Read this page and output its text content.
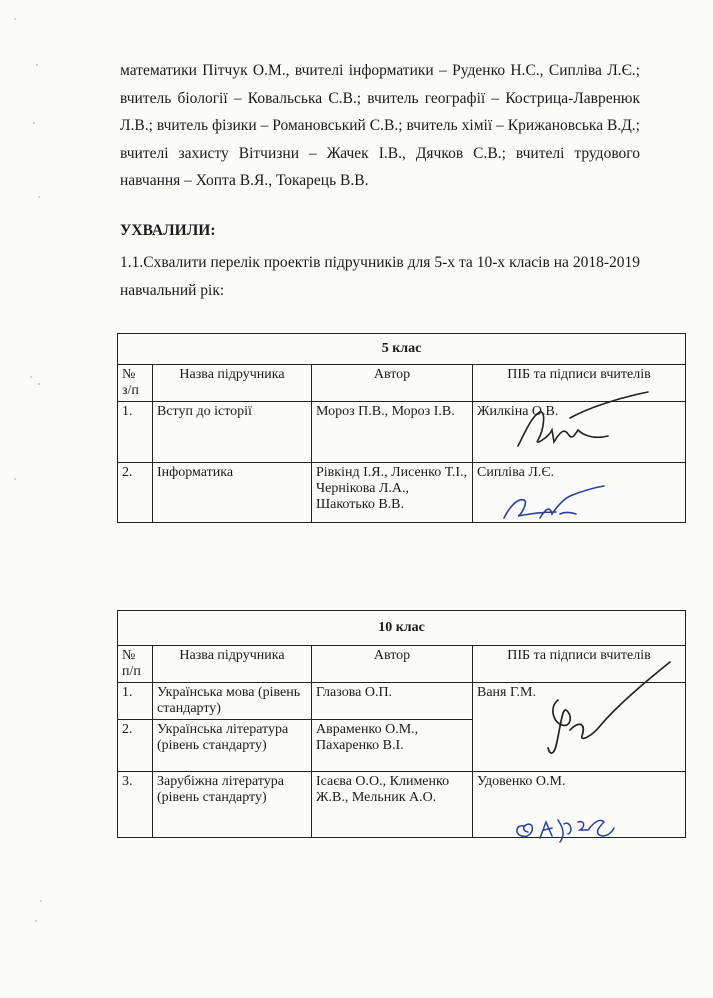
математики Пітчук О.М., вчителі інформатики – Руденко Н.С., Сипліва Л.Є.; вчитель біології – Ковальська С.В.; вчитель географії – Кострица-Лавренюк Л.В.; вчитель фізики – Романовський С.В.; вчитель хімії – Крижановська В.Д.; вчителі захисту Вітчизни – Жачек І.В., Дячков С.В.; вчителі трудового навчання – Хопта В.Я., Токарець В.В.

УХВАЛИЛИ:

1.1.Схвалити перелік проектів підручників для 5-х та 10-х класів на 2018-2019 навчальний рік:

5 клас			
№ з/п	Назва підручника	Автор	ПІБ та підписи вчителів
1.	Вступ до історії	Мороз П.В., Мороз І.В.	Жилкіна О.В.
2.	Інформатика	Рівкінд І.Я., Лисенко Т.І., Чернікова Л.А., Шакотько В.В.	Сипліва Л.Є.
10 клас			
№ п/п	Назва підручника	Автор	ПІБ та підписи вчителів
1.	Українська мова (рівень стандарту)	Глазова О.П.	Ваня Г.М.
2.	Українська література (рівень стандарту)	Авраменко О.М., Пахаренко В.І.	
3.	Зарубіжна література (рівень стандарту)	Ісаєва О.О., Клименко Ж.В., Мельник А.О.	Удовенко О.М.
